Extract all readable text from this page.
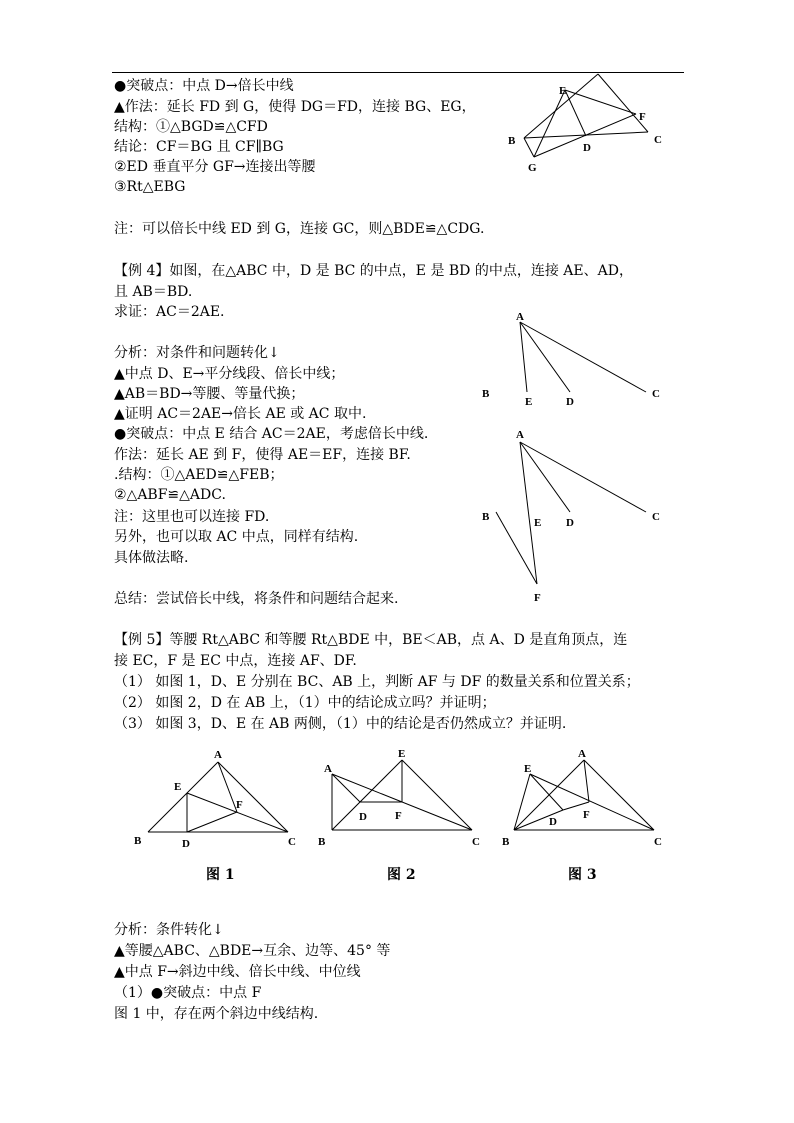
●突破点：中点 D→倍长中线
▲作法：延长 FD 到 G，使得 DG＝FD，连接 BG、EG，
结构：①△BGD≌△CFD
结论：CF＝BG 且 CF∥BG
②ED 垂直平分 GF→连接出等腰
③Rt△EBG
注：可以倍长中线 ED 到 G，连接 GC，则△BDE≌△CDG.
【例 4】如图，在△ABC 中，D 是 BC 的中点，E 是 BD 的中点，连接 AE、AD，
且 AB＝BD.
求证：AC＝2AE.
分析：对条件和问题转化↓
▲中点 D、E→平分线段、倍长中线；
▲AB＝BD→等腰、等量代换；
▲证明 AC＝2AE→倍长 AE 或 AC 取中.
●突破点：中点 E 结合 AC＝2AE，考虑倍长中线.
作法：延长 AE 到 F，使得 AE＝EF，连接 BF.
.结构：①△AED≌△FEB；
②△ABF≌△ADC.
注：这里也可以连接 FD.
另外，也可以取 AC 中点，同样有结构.
具体做法略.
总结：尝试倍长中线，将条件和问题结合起来.
【例 5】等腰 Rt△ABC 和等腰 Rt△BDE 中，BE＜AB，点 A、D 是直角顶点，连
接 EC，F 是 EC 中点，连接 AF、DF.
（1） 如图 1，D、E 分别在 BC、AB 上，判断 AF 与 DF 的数量关系和位置关系；
（2） 如图 2，D 在 AB 上，（1）中的结论成立吗？并证明；
（3） 如图 3，D、E 在 AB 两侧，（1）中的结论是否仍然成立？并证明.
分析：条件转化↓
▲等腰△ABC、△BDE→互余、边等、45° 等
▲中点 F→斜边中线、倍长中线、中位线
（1）●突破点：中点 F
图 1 中，存在两个斜边中线结构.
E
F
B
D
C
G
A
B
E	D
C
A
B	E D	C
F
A
E
F
B	D	C
E
A
D	F
B	C
A
E
F
D
B	C
图 1	图 2	图 3
